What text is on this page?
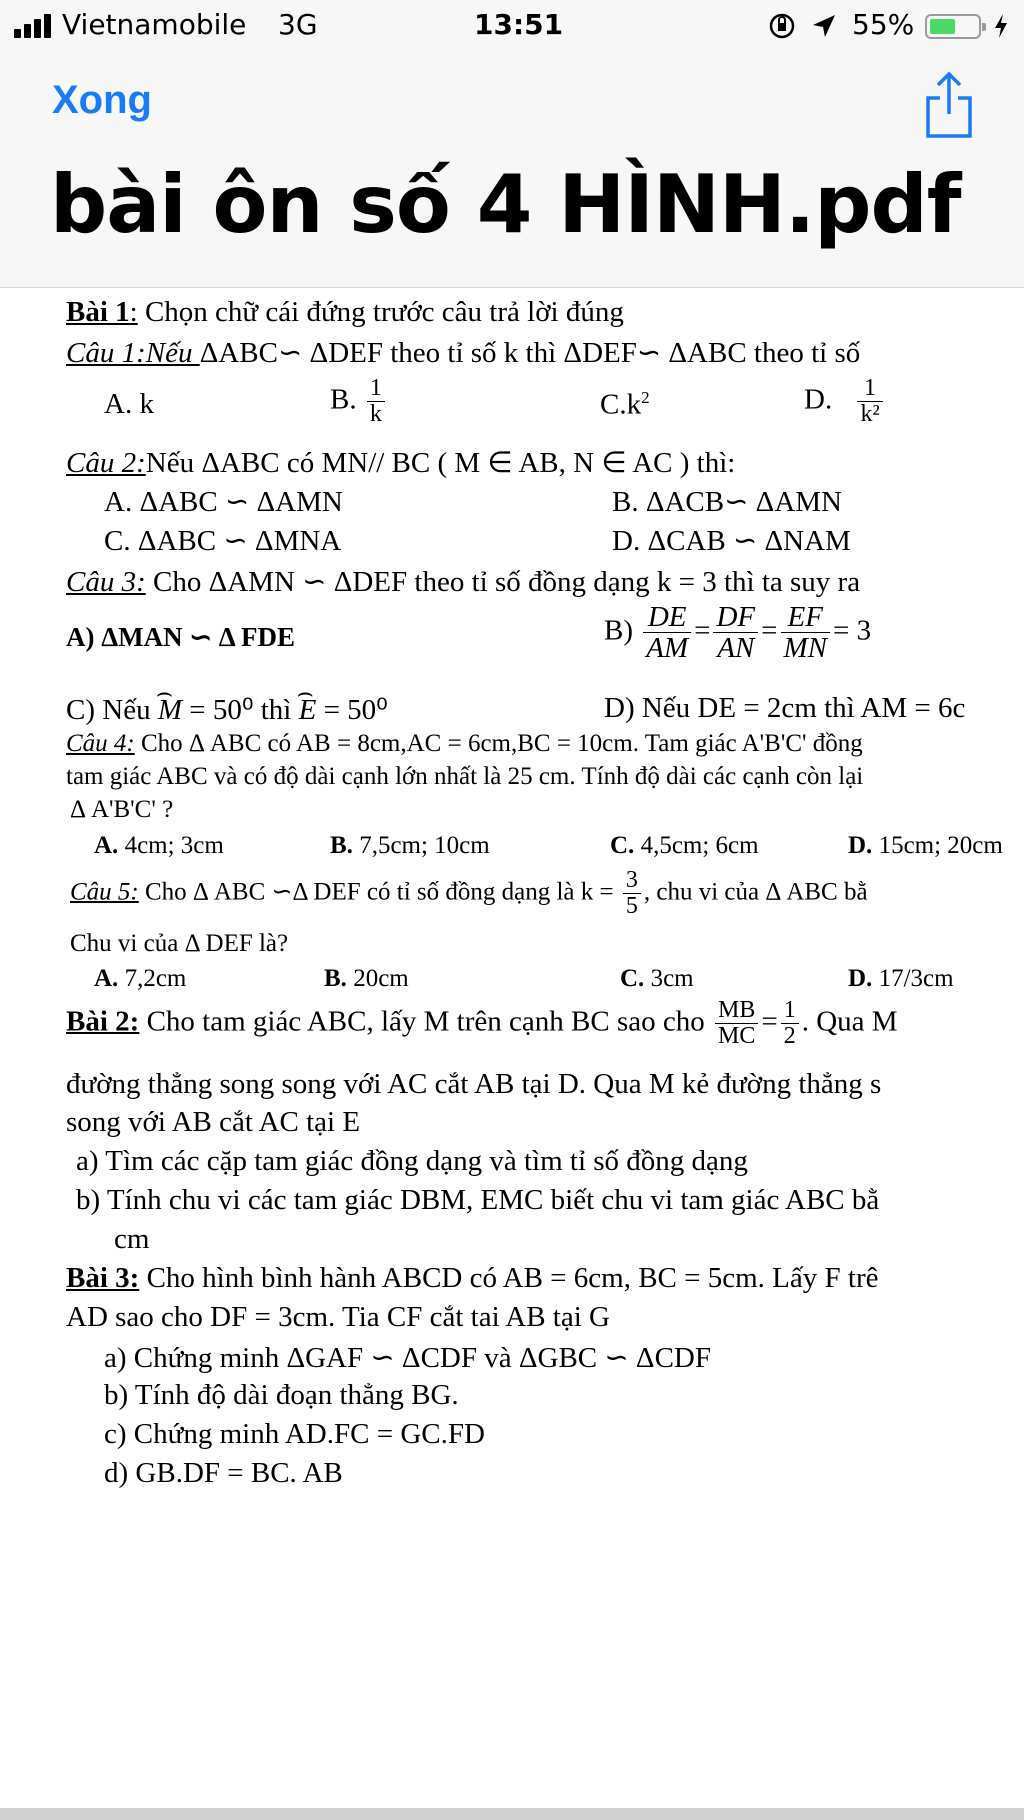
Vietnamobile 3G	13:51	55%
Xong
bài ôn số 4 HÌNH.pdf
Bài 1: Chọn chữ cái đứng trước câu trả lời đúng
Câu 1:Nếu ΔABC∽ ΔDEF theo tỉ số k thì ΔDEF∽ ΔABC theo tỉ số
A. k	B. $\frac{1}{k}$	$C.k^2$	D. $\frac{1}{\text{k²}}$
Câu 2:Nếu ΔABC có MN// BC ( M ∈ AB, N ∈ AC ) thì:
A. ΔABC ∽ ΔAMN	B. ΔACB∽ ΔAMN
C. ΔABC ∽ ΔMNA	D. ΔCAB ∽ ΔNAM
Câu 3: Cho ΔAMN ∽ ΔDEF theo tỉ số đồng dạng k = 3 thì ta suy ra
A) ΔMAN ∽ Δ FDE	$B) \frac{DE}{AM} = \frac{DF}{AN} = \frac{EF}{MN} = 3$
C) Nếu ⌢ M = 50⁰ thì ⌢ E = 50⁰	D) Nếu DE = 2cm thì AM = 6c
Câu 4: Cho Δ ABC có AB = 8cm,AC = 6cm,BC = 10cm. Tam giác A'B'C' đồng
tam giác ABC và có độ dài cạnh lớn nhất là 25 cm. Tính độ dài các cạnh còn lại
Δ A'B'C' ?
A. 4cm; 3cm	B. 7,5cm; 10cm	C. 4,5cm; 6cm	D. 15cm; 20cm
Câu 5: Cho Δ ABC ∽Δ DEF có tỉ số đồng dạng là $k = \frac{3}{5}$ , chu vi của Δ ABC bằ
Chu vi của Δ DEF là?
A. 7,2cm	B. 20cm	C. 3cm	D. 17/3cm
Bài 2: Cho tam giác ABC, lấy M trên cạnh BC sao cho $\frac{MB}{MC} = \frac{1}{2}$ . Qua M
đường thẳng song song với AC cắt AB tại D. Qua M kẻ đường thẳng s
song với AB cắt AC tại E
a) Tìm các cặp tam giác đồng dạng và tìm tỉ số đồng dạng
b) Tính chu vi các tam giác DBM, EMC biết chu vi tam giác ABC bằ
cm
Bài 3: Cho hình bình hành ABCD có AB = 6cm, BC = 5cm. Lấy F trê
AD sao cho DF = 3cm. Tia CF cắt tai AB tại G
a) Chứng minh ΔGAF ∽ ΔCDF và ΔGBC ∽ ΔCDF
b) Tính độ dài đoạn thẳng BG.
c) Chứng minh AD.FC = GC.FD
d) GB.DF = BC. AB
